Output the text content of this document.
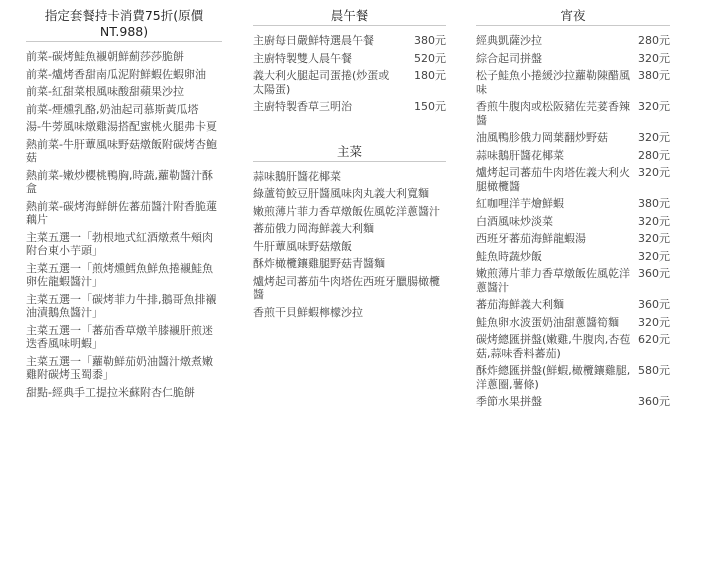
指定套餐持卡消費75折(原價NT.988)
前菜-碳烤鮭魚襯朝鮮薊莎莎脆餅
前菜-爐烤香甜南瓜泥附鮮蝦佐蝦卵油
前菜-紅甜菜根風味酸甜蘋果沙拉
前菜-煙燻乳酪,奶油起司慕斯黃瓜塔
湯-牛蒡風味燉雞湯搭配蜜桃火腿弗卡夏
熱前菜-牛肝蕈風味野菇燉飯附碳烤杏鮑菇
熱前菜-嫩炒櫻桃鴨胸,時蔬,蘿勒醬汁酥盒
熱前菜-碳烤海鮮餅佐蕃茄醬汁附香脆蓮藕片
主菜五選一「勃根地式紅酒燉煮牛頰肉附台東小芋頭」
主菜五選一「煎烤燻鱈魚鮮魚捲襯鮭魚卵佐龍蝦醬汁」
主菜五選一「碳烤菲力牛排,鵝哥魚排襯油漬鵝魚醬汁」
主菜五選一「蕃茄香草燉羊膝襯肝煎迷迭香風味明蝦」
主菜五選一「蘿勒鮮茄奶油醬汁燉煮嫩雞附碳烤玉蜀黍」
甜點-經典手工提拉米蘇附杏仁脆餅
晨午餐
主廚每日嚴鮮特選晨午餐	380元
主廚特製雙人晨午餐	520元
義大利火腿起司蛋捲(炒蛋或太陽蛋)
180元
主廚特製香草三明治	150元
主菜
蒜味鵝肝醬花椰菜
綠蘆筍鮫豆肝醬風味肉丸義大利寬麵
嫩煎薄片菲力香草燉飯佐風乾洋蔥醬汁
蕃茄俄力岡海鮮義大利麵
牛肝蕈風味野菇燉飯
酥炸橄欖鑲雞腿野菇青醬麵
爐烤起司蕃茄牛肉塔佐西班牙臘腸橄欖醬
香煎干貝鮮蝦檸檬沙拉
宵夜
經典凱薩沙拉	280元
綜合起司拼盤	320元
松子鮭魚小捲緩沙拉蘿勒陳醋風味
380元
香煎牛腹肉或松阪豬佐芫荽香辣醬
320元
油風鴨胗俄力岡葉翻炒野菇	320元
蒜味鵝肝醬花椰菜	280元
爐烤起司蕃茄牛肉塔佐義大利火腿橄欖醬
320元
紅咖哩洋芋燴鮮蝦	380元
白酒風味炒淡菜	320元
西班牙蕃茄海鮮龍蝦湯	320元
鮭魚時蔬炒飯	320元
嫩煎薄片菲力香草燉飯佐風乾洋蔥醬汁
360元
蕃茄海鮮義大利麵	360元
鮭魚卵水波蛋奶油甜蔥醬筍麵	320元
碳烤總匯拼盤(嫩雞,牛腹肉,杏苞菇,蒜味香料蕃茄)
620元
酥炸總匯拼盤(鮮蝦,橄欖鑲雞腿,洋蔥圈,薯條)
580元
季節水果拼盤	360元
